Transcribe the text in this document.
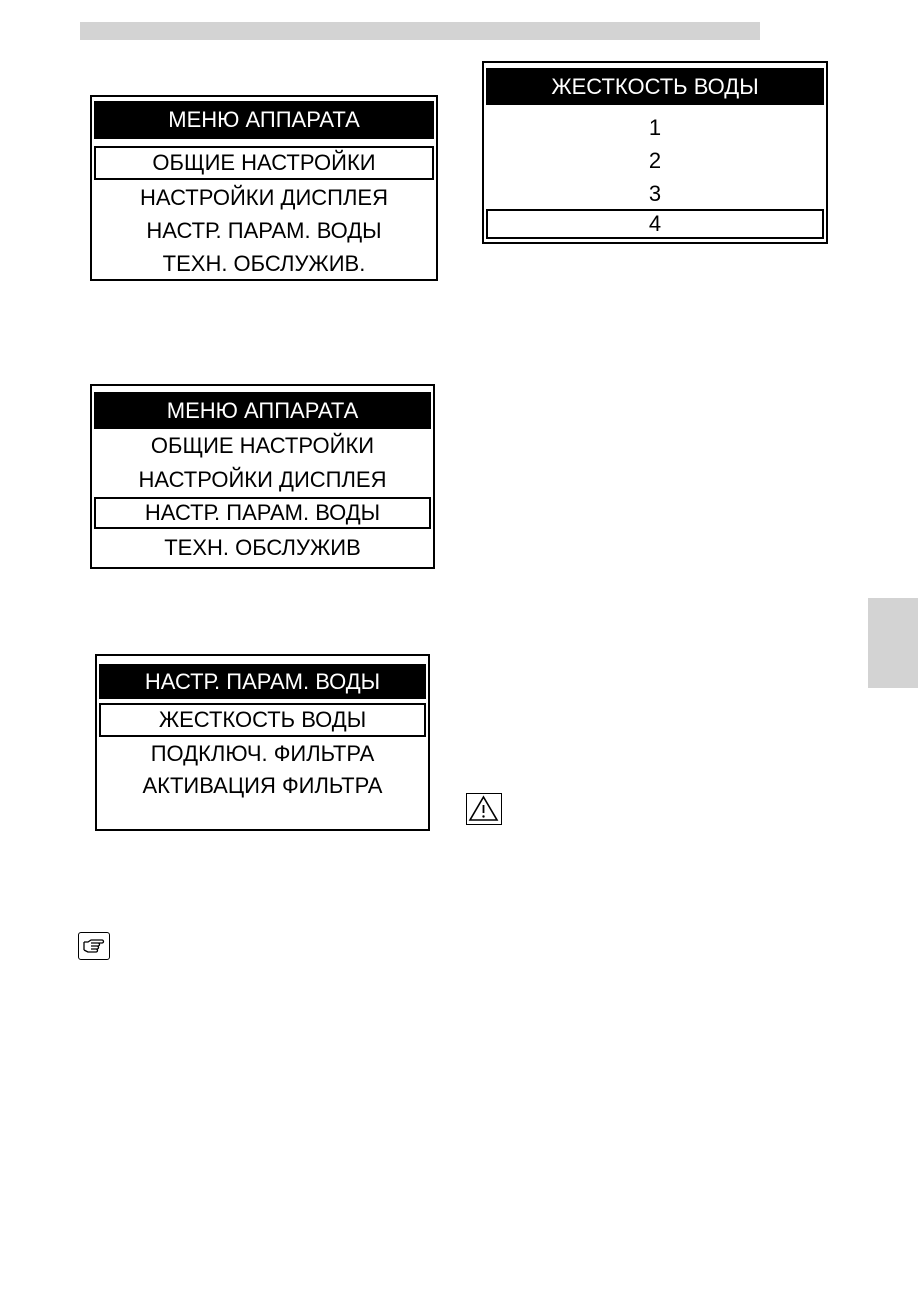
МЕНЮ АППАРАТА
ОБЩИЕ НАСТРОЙКИ
НАСТРОЙКИ ДИСПЛЕЯ
НАСТР. ПАРАМ. ВОДЫ
ТЕХН. ОБСЛУЖИВ.
МЕНЮ АППАРАТА
ОБЩИЕ НАСТРОЙКИ
НАСТРОЙКИ ДИСПЛЕЯ
НАСТР. ПАРАМ. ВОДЫ
ТЕХН. ОБСЛУЖИВ
НАСТР. ПАРАМ. ВОДЫ
ЖЕСТКОСТЬ ВОДЫ
ПОДКЛЮЧ. ФИЛЬТРА
АКТИВАЦИЯ ФИЛЬТРА
ЖЕСТКОСТЬ ВОДЫ
1
2
3
4
